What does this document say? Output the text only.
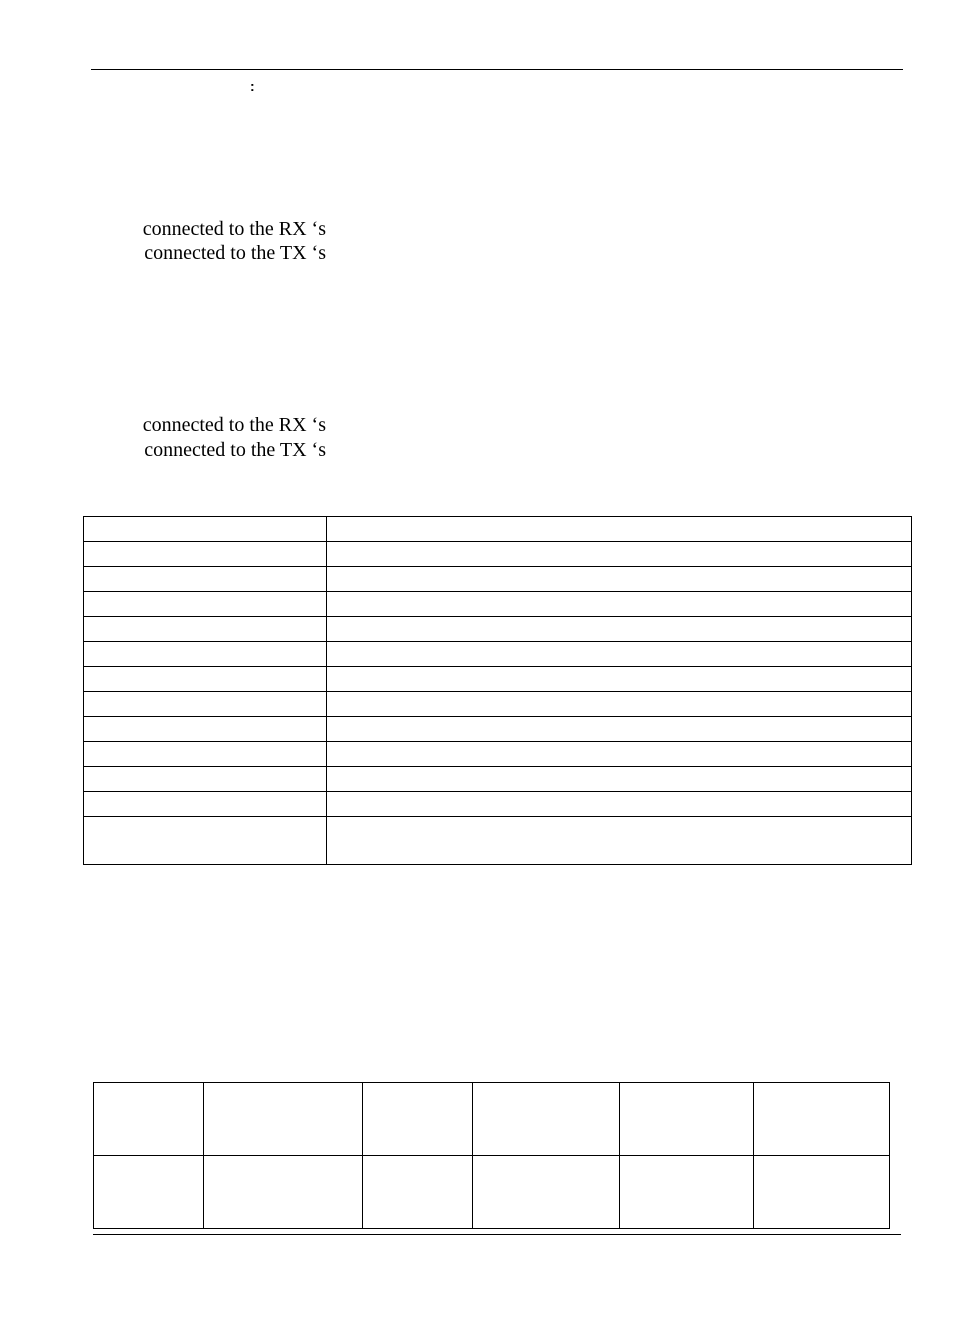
:
connected to the RX ‘s
connected to the TX ‘s
connected to the RX ‘s
connected to the TX ‘s
